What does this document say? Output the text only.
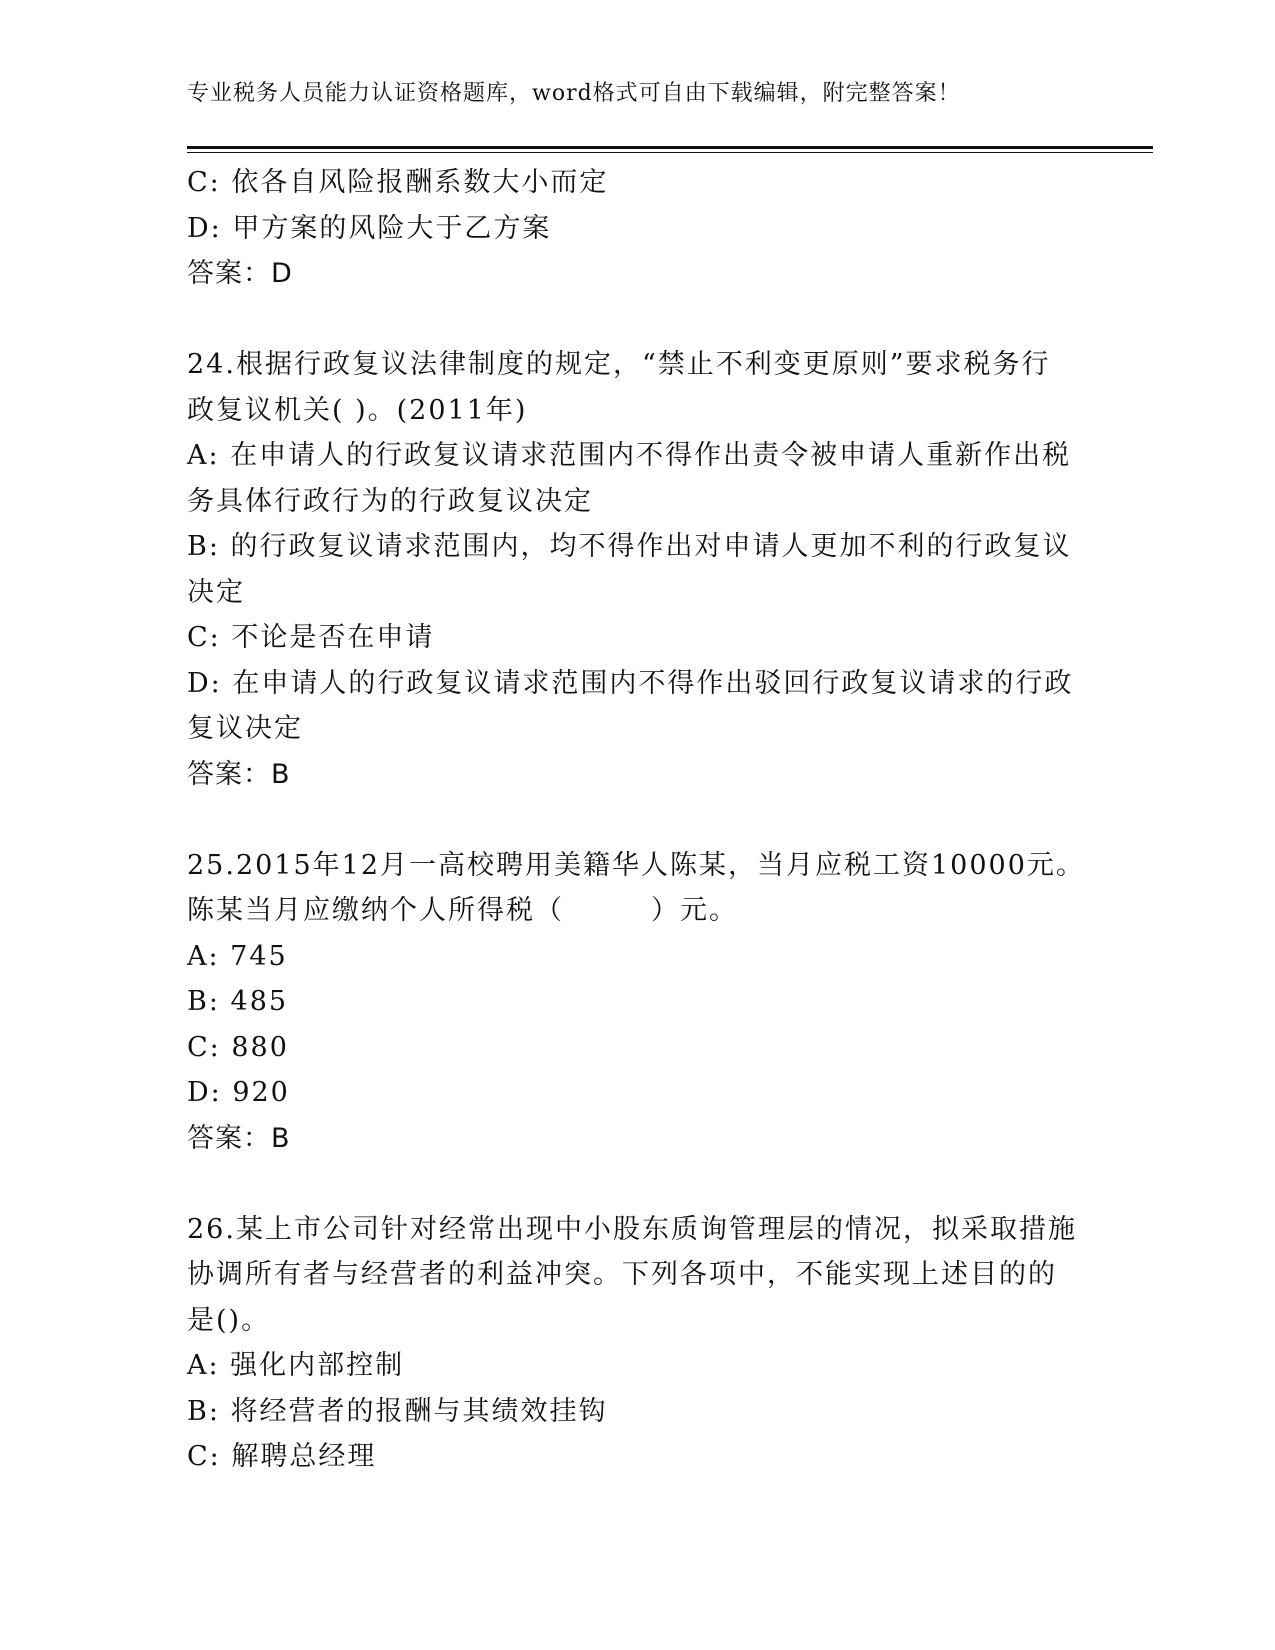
专业税务人员能力认证资格题库，word格式可自由下载编辑，附完整答案！
C: 依各自风险报酬系数大小而定
D: 甲方案的风险大于乙方案
答案：D
24.根据行政复议法律制度的规定，“禁止不利变更原则”要求税务行
政复议机关( )。(2011年)
A: 在申请人的行政复议请求范围内不得作出责令被申请人重新作出税
务具体行政行为的行政复议决定
B: 的行政复议请求范围内，均不得作出对申请人更加不利的行政复议
决定
C: 不论是否在申请
D: 在申请人的行政复议请求范围内不得作出驳回行政复议请求的行政
复议决定
答案：B
25.2015年12月一高校聘用美籍华人陈某，当月应税工资10000元。
陈某当月应缴纳个人所得税（　　　）元。
A: 745
B: 485
C: 880
D: 920
答案：B
26.某上市公司针对经常出现中小股东质询管理层的情况，拟采取措施
协调所有者与经营者的利益冲突。下列各项中，不能实现上述目的的
是()。
A: 强化内部控制
B: 将经营者的报酬与其绩效挂钩
C: 解聘总经理
